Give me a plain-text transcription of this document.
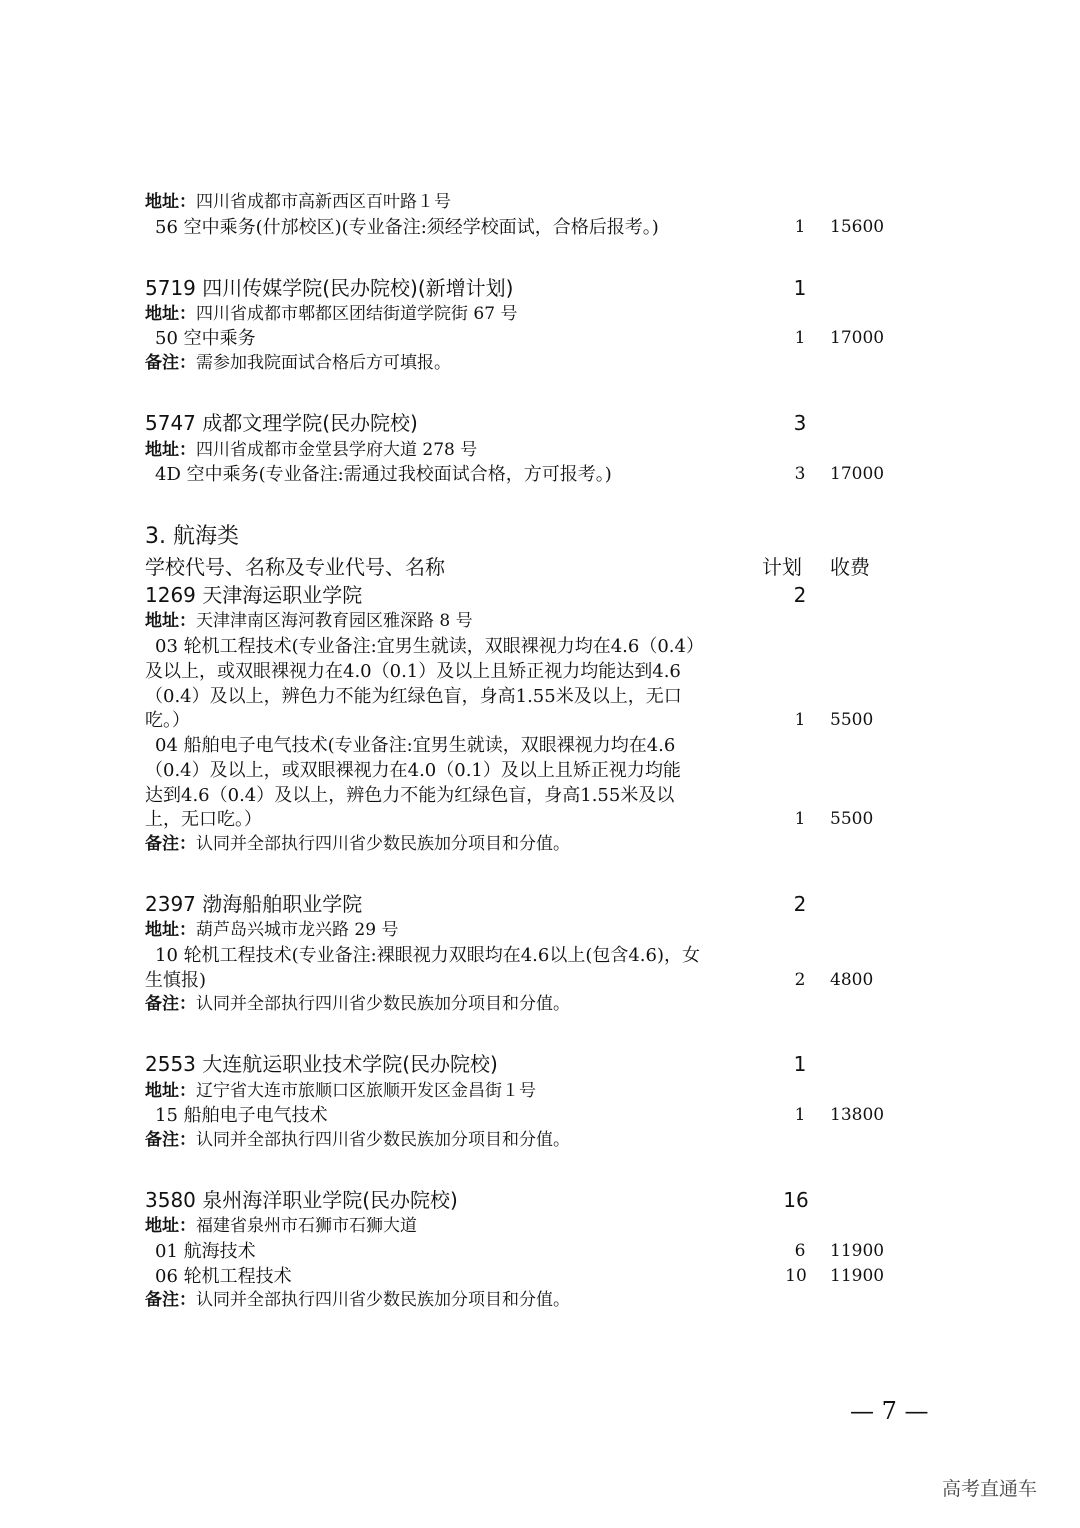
地址：四川省成都市高新西区百叶路１号
56 空中乘务(什邡校区)(专业备注:须经学校面试，合格后报考。)	1	15600
5719 四川传媒学院(民办院校)(新增计划)	1
地址：四川省成都市郫都区团结街道学院街 67 号
50 空中乘务	1	17000
备注：需参加我院面试合格后方可填报。
5747 成都文理学院(民办院校)	3
地址：四川省成都市金堂县学府大道 278 号
4D 空中乘务(专业备注:需通过我校面试合格，方可报考。)	3	17000
3. 航海类
学校代号、名称及专业代号、名称	计划 收费
1269 天津海运职业学院	2
地址：天津津南区海河教育园区雅深路 8 号
03 轮机工程技术(专业备注:宜男生就读，双眼裸视力均在4.6（0.4）
及以上，或双眼裸视力在4.0（0.1）及以上且矫正视力均能达到4.6
（0.4）及以上，辨色力不能为红绿色盲，身高1.55米及以上，无口
吃。）	1	5500
04 船舶电子电气技术(专业备注:宜男生就读，双眼裸视力均在4.6
（0.4）及以上，或双眼裸视力在4.0（0.1）及以上且矫正视力均能
达到4.6（0.4）及以上，辨色力不能为红绿色盲，身高1.55米及以
上，无口吃。）	1	5500
备注：认同并全部执行四川省少数民族加分项目和分值。
2397 渤海船舶职业学院	2
地址：葫芦岛兴城市龙兴路 29 号
10 轮机工程技术(专业备注:裸眼视力双眼均在4.6以上(包含4.6)，女
生慎报)	2	4800
备注：认同并全部执行四川省少数民族加分项目和分值。
2553 大连航运职业技术学院(民办院校)	1
地址：辽宁省大连市旅顺口区旅顺开发区金昌街１号
15 船舶电子电气技术	1	13800
备注：认同并全部执行四川省少数民族加分项目和分值。
3580 泉州海洋职业学院(民办院校)	16
地址：福建省泉州市石狮市石狮大道
01 航海技术	6	11900
06 轮机工程技术	10	11900
备注：认同并全部执行四川省少数民族加分项目和分值。
— 7 —
高考直通车
